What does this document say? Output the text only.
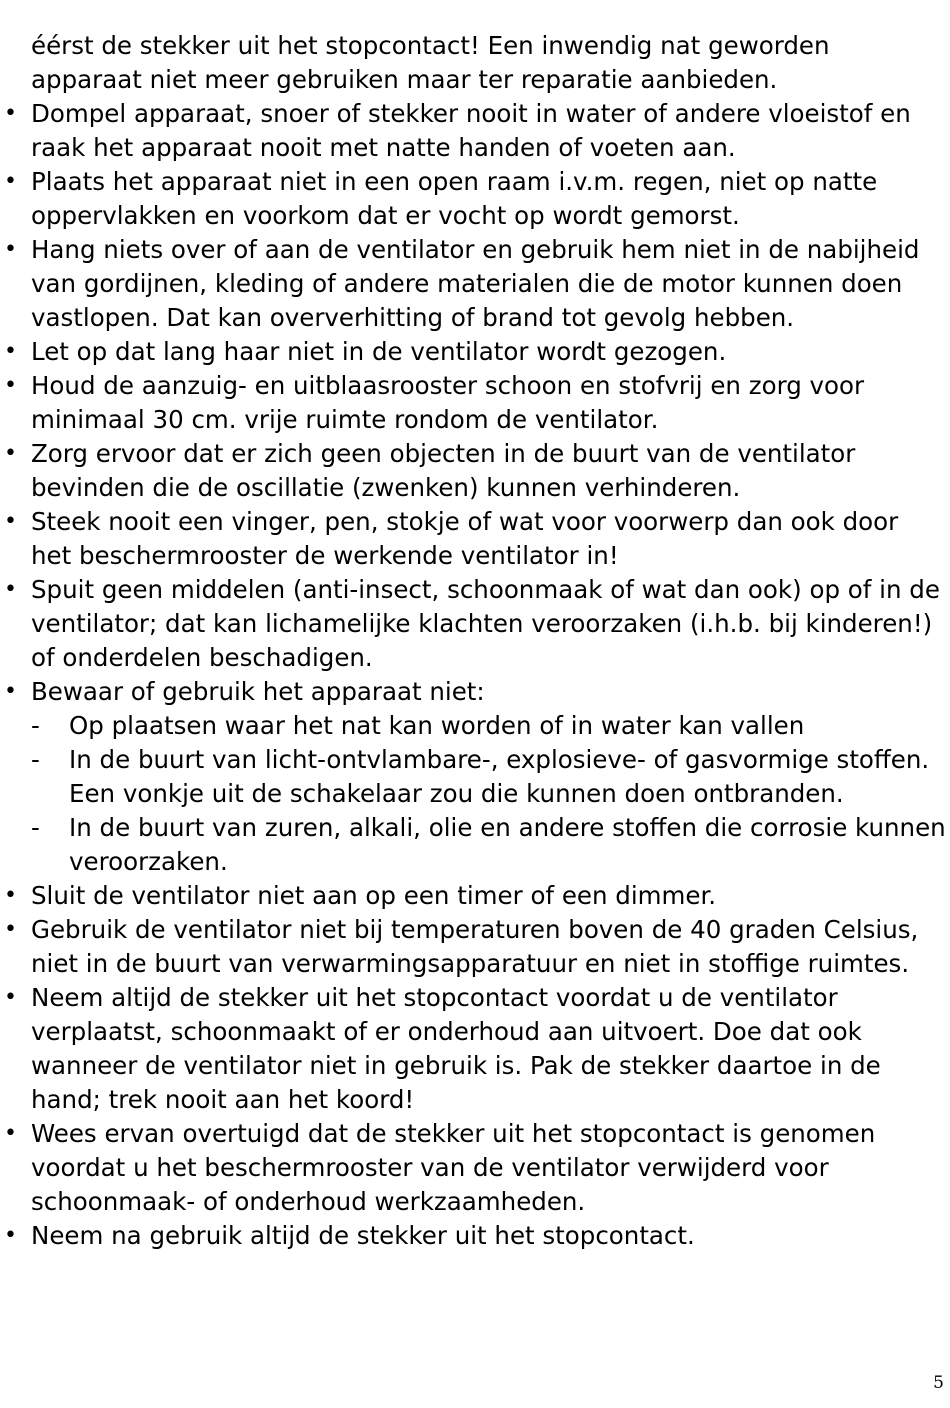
éérst de stekker uit het stopcontact! Een inwendig nat geworden apparaat niet meer gebruiken maar ter reparatie aanbieden.

• Dompel apparaat, snoer of stekker nooit in water of andere vloeistof en raak het apparaat nooit met natte handen of voeten aan.
• Plaats het apparaat niet in een open raam i.v.m. regen, niet op natte oppervlakken en voorkom dat er vocht op wordt gemorst.
• Hang niets over of aan de ventilator en gebruik hem niet in de nabijheid van gordijnen, kleding of andere materialen die de motor kunnen doen vastlopen. Dat kan oververhitting of brand tot gevolg hebben.
• Let op dat lang haar niet in de ventilator wordt gezogen.
• Houd de aanzuig- en uitblaasrooster schoon en stofvrij en zorg voor minimaal 30 cm. vrije ruimte rondom de ventilator.
• Zorg ervoor dat er zich geen objecten in de buurt van de ventilator bevinden die de oscillatie (zwenken) kunnen verhinderen.
• Steek nooit een vinger, pen, stokje of wat voor voorwerp dan ook door het beschermrooster de werkende ventilator in!
• Spuit geen middelen (anti-insect, schoonmaak of wat dan ook) op of in de ventilator; dat kan lichamelijke klachten veroorzaken (i.h.b. bij kinderen!) of onderdelen beschadigen.
• Bewaar of gebruik het apparaat niet:
- Op plaatsen waar het nat kan worden of in water kan vallen
- In de buurt van licht-ontvlambare-, explosieve- of gasvormige stoffen. Een vonkje uit de schakelaar zou die kunnen doen ontbranden.
- In de buurt van zuren, alkali, olie en andere stoffen die corrosie kunnen veroorzaken.
• Sluit de ventilator niet aan op een timer of een dimmer.
• Gebruik de ventilator niet bij temperaturen boven de 40 graden Celsius, niet in de buurt van verwarmingsapparatuur en niet in stoffige ruimtes.
• Neem altijd de stekker uit het stopcontact voordat u de ventilator verplaatst, schoonmaakt of er onderhoud aan uitvoert. Doe dat ook wanneer de ventilator niet in gebruik is. Pak de stekker daartoe in de hand; trek nooit aan het koord!
• Wees ervan overtuigd dat de stekker uit het stopcontact is genomen voordat u het beschermrooster van de ventilator verwijderd voor schoonmaak- of onderhoud werkzaamheden.
• Neem na gebruik altijd de stekker uit het stopcontact.
5
